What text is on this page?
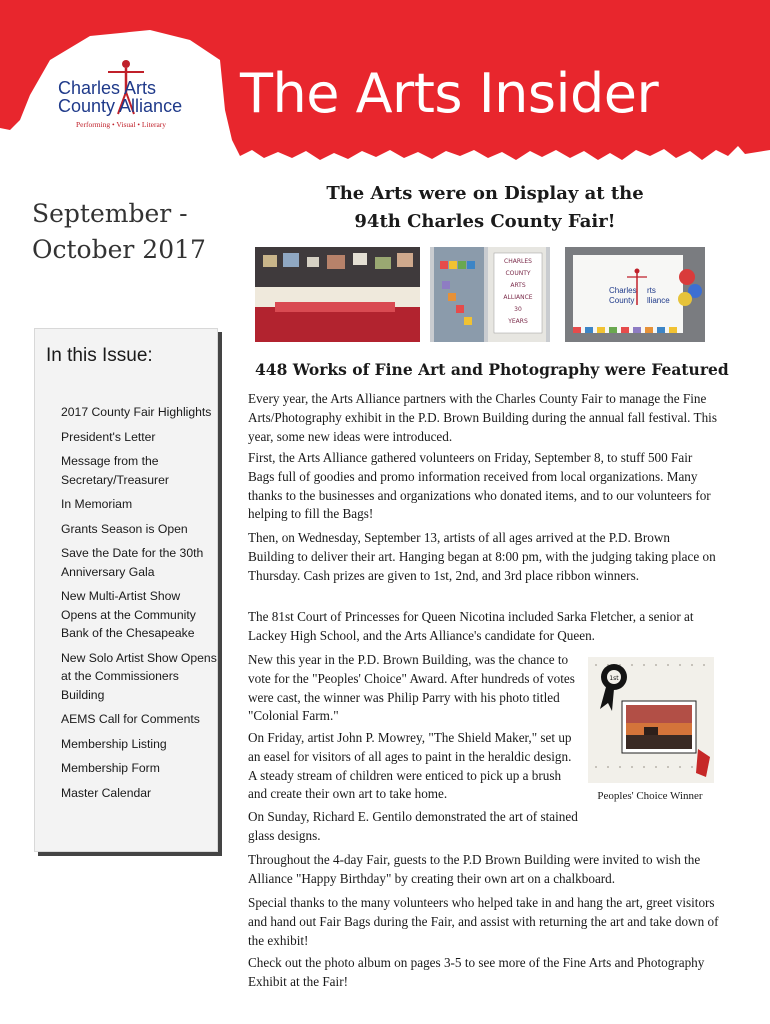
Charles Arts
County Alliance
Performing • Visual • Literary The Arts Insider
September - October 2017
In this Issue:
2017 County Fair Highlights
President's Letter
Message from the Secretary/Treasurer
In Memoriam
Grants Season is Open
Save the Date for the 30th Anniversary Gala
New Multi-Artist Show Opens at the Community Bank of the Chesapeake
New Solo Artist Show Opens at the Commissioners Building
AEMS Call for Comments
Membership Listing
Membership Form
Master Calendar
The Arts were on Display at the 94th Charles County Fair!
CHARLES
COUNTY
ARTS
ALLIANCE
30
YEARS
Charles
County
rts
lliance
448 Works of Fine Art and Photography were Featured

Every year, the Arts Alliance partners with the Charles County Fair to manage the Fine Arts/Photography exhibit in the P.D. Brown Building during the annual fall festival. This year, some new ideas were introduced.

First, the Arts Alliance gathered volunteers on Friday, September 8, to stuff 500 Fair Bags full of goodies and promo information received from local organizations. Many thanks to the businesses and organizations who donated items, and to our volunteers for helping to fill the Bags!

Then, on Wednesday, September 13, artists of all ages arrived at the P.D. Brown Building to deliver their art. Hanging began at 8:00 pm, with the judging taking place on Thursday. Cash prizes are given to 1st, 2nd, and 3rd place ribbon winners.

The 81st Court of Princesses for Queen Nicotina included Sarka Fletcher, a senior at Lackey High School, and the Arts Alliance's candidate for Queen.

New this year in the P.D. Brown Building, was the chance to vote for the "Peoples' Choice" Award. After hundreds of votes were cast, the winner was Philip Parry with his photo titled "Colonial Farm."

On Friday, artist John P. Mowrey, "The Shield Maker," set up an easel for visitors of all ages to paint in the heraldic design. A steady stream of children were enticed to pick up a brush and create their own art to take home.

On Sunday, Richard E. Gentilo demonstrated the art of stained glass designs.

Throughout the 4-day Fair, guests to the P.D Brown Building were invited to wish the Alliance "Happy Birthday" by creating their own art on a chalkboard.

Special thanks to the many volunteers who helped take in and hang the art, greet visitors and hand out Fair Bags during the Fair, and assist with returning the art and take down of the exhibit!

Check out the photo album on pages 3-5 to see more of the Fine Arts and Photography Exhibit at the Fair!

1st
Peoples' Choice Winner
